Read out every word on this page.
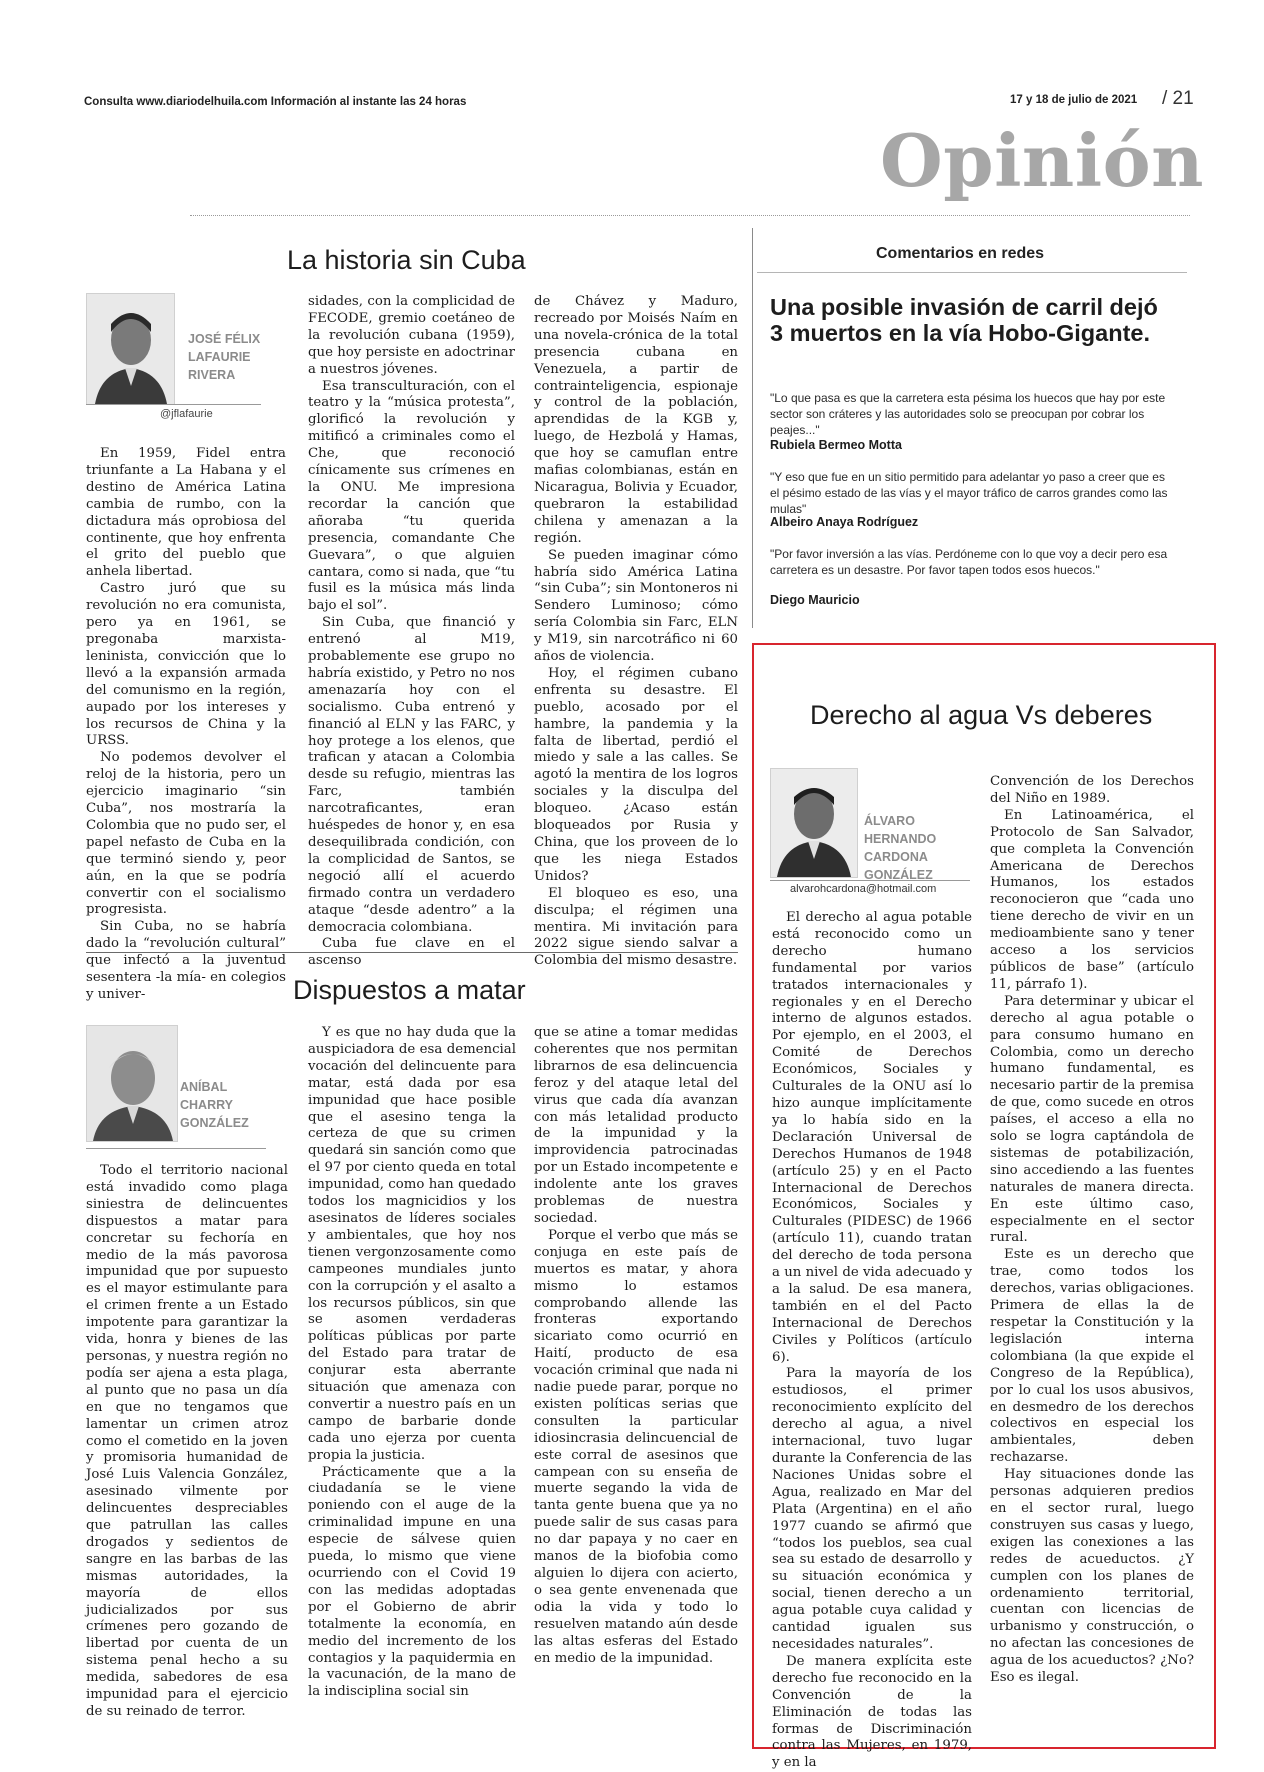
Consulta www.diariodelhuila.com Información al instante las 24 horas	17 y 18 de julio de 2021 / 21
Opinión
La historia sin Cuba
JOSÉ FÉLIX
LAFAURIE
RIVERA
@jflafaurie

En 1959, Fidel entra triunfante a La Habana y el destino de América Latina cambia de rumbo, con la dictadura más oprobiosa del continente, que hoy enfrenta el grito del pueblo que anhela libertad.

Castro juró que su revolución no era comunista, pero ya en 1961, se pregonaba marxista-leninista, convicción que lo llevó a la expansión armada del comunismo en la región, aupado por los intereses y los recursos de China y la URSS.

No podemos devolver el reloj de la historia, pero un ejercicio imaginario “sin Cuba”, nos mostraría la Colombia que no pudo ser, el papel nefasto de Cuba en la que terminó siendo y, peor aún, en la que se podría convertir con el socialismo progresista.

Sin Cuba, no se habría dado la “revolución cultural” que infectó a la juventud sesentera -la mía- en colegios y univer-

sidades, con la complicidad de FECODE, gremio coetáneo de la revolución cubana (1959), que hoy persiste en adoctrinar a nuestros jóvenes.

Esa transculturación, con el teatro y la “música protesta”, glorificó la revolución y mitificó a criminales como el Che, que reconoció cínicamente sus crímenes en la ONU. Me impresiona recordar la canción que añoraba “tu querida presencia, comandante Che Guevara”, o que alguien cantara, como si nada, que “tu fusil es la música más linda bajo el sol”.

Sin Cuba, que financió y entrenó al M19, probablemente ese grupo no habría existido, y Petro no nos amenazaría hoy con el socialismo. Cuba entrenó y financió al ELN y las FARC, y hoy protege a los elenos, que trafican y atacan a Colombia desde su refugio, mientras las Farc, también narcotraficantes, eran huéspedes de honor y, en esa desequilibrada condición, con la complicidad de Santos, se negoció allí el acuerdo firmado contra un verdadero ataque “desde adentro” a la democracia colombiana.

Cuba fue clave en el ascenso

de Chávez y Maduro, recreado por Moisés Naím en una novela-crónica de la total presencia cubana en Venezuela, a partir de contrainteligencia, espionaje y control de la población, aprendidas de la KGB y, luego, de Hezbolá y Hamas, que hoy se camuflan entre mafias colombianas, están en Nicaragua, Bolivia y Ecuador, quebraron la estabilidad chilena y amenazan a la región.

Se pueden imaginar cómo habría sido América Latina “sin Cuba”; sin Montoneros ni Sendero Luminoso; cómo sería Colombia sin Farc, ELN y M19, sin narcotráfico ni 60 años de violencia.

Hoy, el régimen cubano enfrenta su desastre. El pueblo, acosado por el hambre, la pandemia y la falta de libertad, perdió el miedo y sale a las calles. Se agotó la mentira de los logros sociales y la disculpa del bloqueo. ¿Acaso están bloqueados por Rusia y China, que los proveen de lo que les niega Estados Unidos?

El bloqueo es eso, una disculpa; el régimen una mentira. Mi invitación para 2022 sigue siendo salvar a Colombia del mismo desastre.

Comentarios en redes
Una posible invasión de carril dejó 3 muertos en la vía Hobo-Gigante.
"Lo que pasa es que la carretera esta pésima los huecos que hay por este sector son cráteres y las autoridades solo se preocupan por cobrar los peajes..."
Rubiela Bermeo Motta
"Y eso que fue en un sitio permitido para adelantar yo paso a creer que es el pésimo estado de las vías y el mayor tráfico de carros grandes como las mulas"
Albeiro Anaya Rodríguez
"Por favor inversión a las vías. Perdóneme con lo que voy a decir pero esa carretera es un desastre. Por favor tapen todos esos huecos."
Diego Mauricio
Dispuestos a matar
ANÍBAL
CHARRY
GONZÁLEZ

Todo el territorio nacional está invadido como plaga siniestra de delincuentes dispuestos a matar para concretar su fechoría en medio de la más pavorosa impunidad que por supuesto es el mayor estimulante para el crimen frente a un Estado impotente para garantizar la vida, honra y bienes de las personas, y nuestra región no podía ser ajena a esta plaga, al punto que no pasa un día en que no tengamos que lamentar un crimen atroz como el cometido en la joven y promisoria humanidad de José Luis Valencia González, asesinado vilmente por delincuentes despreciables que patrullan las calles drogados y sedientos de sangre en las barbas de las mismas autoridades, la mayoría de ellos judicializados por sus crímenes pero gozando de libertad por cuenta de un sistema penal hecho a su medida, sabedores de esa impunidad para el ejercicio de su reinado de terror.

Y es que no hay duda que la auspiciadora de esa demencial vocación del delincuente para matar, está dada por esa impunidad que hace posible que el asesino tenga la certeza de que su crimen quedará sin sanción como que el 97 por ciento queda en total impunidad, como han quedado todos los magnicidios y los asesinatos de líderes sociales y ambientales, que hoy nos tienen vergonzosamente como campeones mundiales junto con la corrupción y el asalto a los recursos públicos, sin que se asomen verdaderas políticas públicas por parte del Estado para tratar de conjurar esta aberrante situación que amenaza con convertir a nuestro país en un campo de barbarie donde cada uno ejerza por cuenta propia la justicia.

Prácticamente que a la ciudadanía se le viene poniendo con el auge de la criminalidad impune en una especie de sálvese quien pueda, lo mismo que viene ocurriendo con el Covid 19 con las medidas adoptadas por el Gobierno de abrir totalmente la economía, en medio del incremento de los contagios y la paquidermia en la vacunación, de la mano de la indisciplina social sin

que se atine a tomar medidas coherentes que nos permitan librarnos de esa delincuencia feroz y del ataque letal del virus que cada día avanzan con más letalidad producto de la impunidad y la improvidencia patrocinadas por un Estado incompetente e indolente ante los graves problemas de nuestra sociedad.

Porque el verbo que más se conjuga en este país de muertos es matar, y ahora mismo lo estamos comprobando allende las fronteras exportando sicariato como ocurrió en Haití, producto de esa vocación criminal que nada ni nadie puede parar, porque no existen políticas serias que consulten la particular idiosincrasia delincuencial de este corral de asesinos que campean con su enseña de muerte segando la vida de tanta gente buena que ya no puede salir de sus casas para no dar papaya y no caer en manos de la biofobia como alguien lo dijera con acierto, o sea gente envenenada que odia la vida y todo lo resuelven matando aún desde las altas esferas del Estado en medio de la impunidad.

Derecho al agua Vs deberes
ÁLVARO
HERNANDO
CARDONA
GONZÁLEZ
alvarohcardona@hotmail.com

El derecho al agua potable está reconocido como un derecho humano fundamental por varios tratados internacionales y regionales y en el Derecho interno de algunos estados. Por ejemplo, en el 2003, el Comité de Derechos Económicos, Sociales y Culturales de la ONU así lo hizo aunque implícitamente ya lo había sido en la Declaración Universal de Derechos Humanos de 1948 (artículo 25) y en el Pacto Internacional de Derechos Económicos, Sociales y Culturales (PIDESC) de 1966 (artículo 11), cuando tratan del derecho de toda persona a un nivel de vida adecuado y a la salud. De esa manera, también en el del Pacto Internacional de Derechos Civiles y Políticos (artículo 6).

Para la mayoría de los estudiosos, el primer reconocimiento explícito del derecho al agua, a nivel internacional, tuvo lugar durante la Conferencia de las Naciones Unidas sobre el Agua, realizado en Mar del Plata (Argentina) en el año 1977 cuando se afirmó que “todos los pueblos, sea cual sea su estado de desarrollo y su situación económica y social, tienen derecho a un agua potable cuya calidad y cantidad igualen sus necesidades naturales”.

De manera explícita este derecho fue reconocido en la Convención de la Eliminación de todas las formas de Discriminación contra las Mujeres, en 1979, y en la

Convención de los Derechos del Niño en 1989.

En Latinoamérica, el Protocolo de San Salvador, que completa la Convención Americana de Derechos Humanos, los estados reconocieron que “cada uno tiene derecho de vivir en un medioambiente sano y tener acceso a los servicios públicos de base” (artículo 11, párrafo 1).

Para determinar y ubicar el derecho al agua potable o para consumo humano en Colombia, como un derecho humano fundamental, es necesario partir de la premisa de que, como sucede en otros países, el acceso a ella no solo se logra captándola de sistemas de potabilización, sino accediendo a las fuentes naturales de manera directa. En este último caso, especialmente en el sector rural.

Este es un derecho que trae, como todos los derechos, varias obligaciones. Primera de ellas la de respetar la Constitución y la legislación interna colombiana (la que expide el Congreso de la República), por lo cual los usos abusivos, en desmedro de los derechos colectivos en especial los ambientales, deben rechazarse.

Hay situaciones donde las personas adquieren predios en el sector rural, luego construyen sus casas y luego, exigen las conexiones a las redes de acueductos. ¿Y cumplen con los planes de ordenamiento territorial, cuentan con licencias de urbanismo y construcción, o no afectan las concesiones de agua de los acueductos? ¿No? Eso es ilegal.
